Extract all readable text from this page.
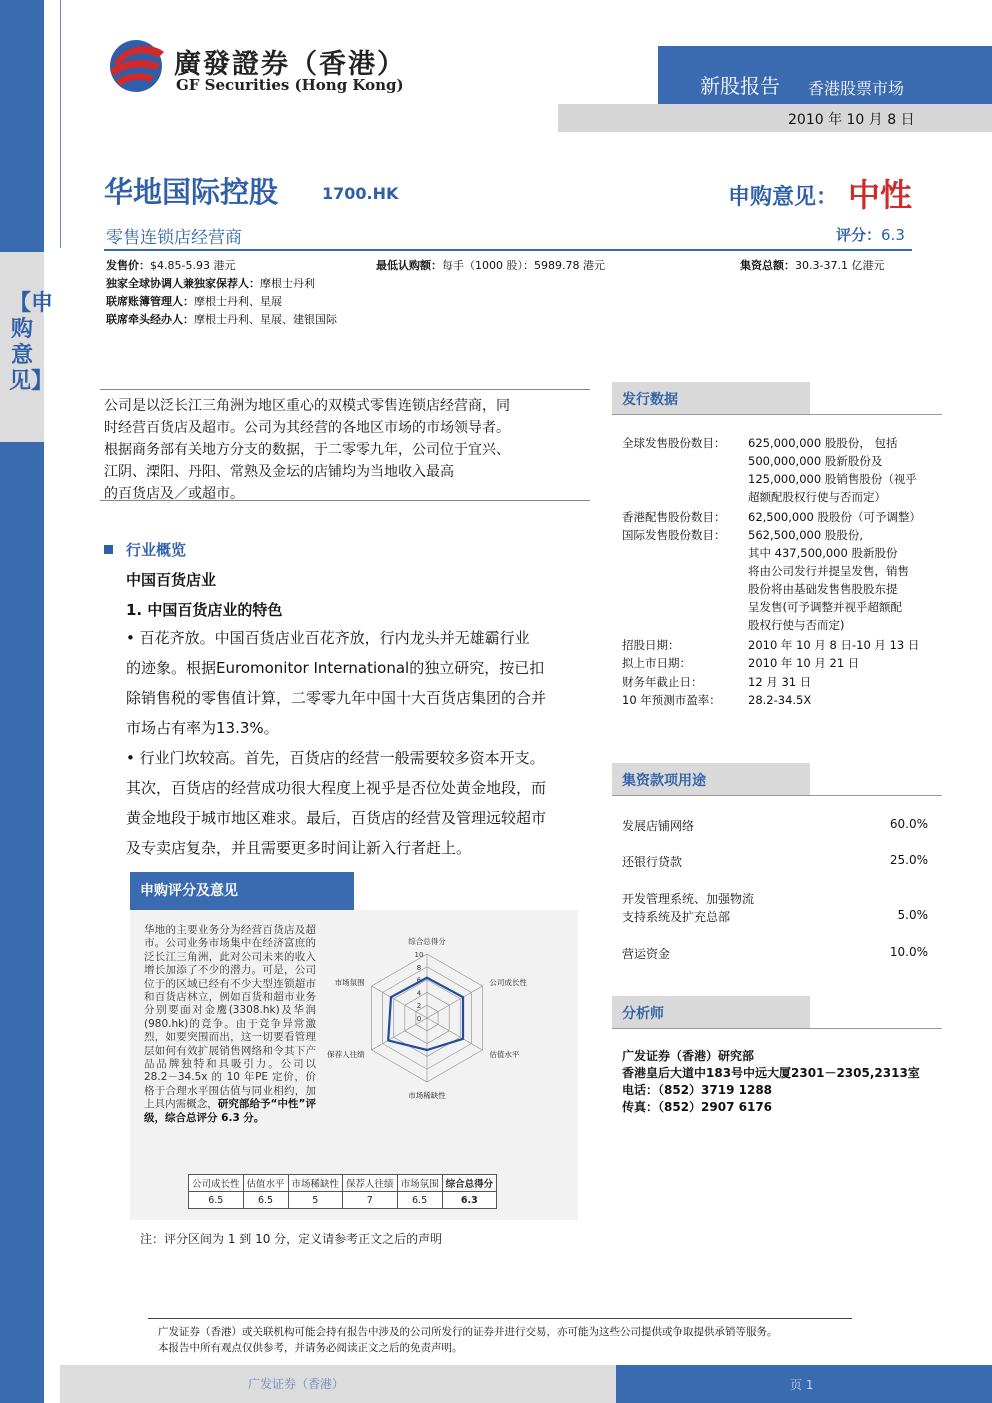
【申购意见】
廣發證券（香港）
GF Securities (Hong Kong)	新股报告 香港股票市场
2010 年 10 月 8 日
华地国际控股	1700.HK	申购意见： 中性
零售连锁店经营商	评分：6.3
发售价：$4.85-5.93 港元	最低认购额：每手（1000 股）：5989.78 港元	集资总额：30.3-37.1 亿港元
独家全球协调人兼独家保荐人：摩根士丹利
联席账簿管理人：摩根士丹利、星展
联席牵头经办人：摩根士丹利、星展、建银国际
公司是以泛长江三角洲为地区重心的双模式零售连锁店经营商，同
时经营百货店及超市。公司为其经营的各地区市场的市场领导者。
根据商务部有关地方分支的数据，于二零零九年，公司位于宜兴、
江阴、溧阳、丹阳、常熟及金坛的店铺均为当地收入最高
的百货店及／或超市。
行业概览
中国百货店业
1. 中国百货店业的特色
• 百花齐放。中国百货店业百花齐放，行内龙头并无雄霸行业
的迹象。根据Euromonitor International的独立研究，按已扣
除销售税的零售值计算，二零零九年中国十大百货店集团的合并
市场占有率为13.3%。
• 行业门坎较高。首先，百货店的经营一般需要较多资本开支。
其次，百货店的经营成功很大程度上视乎是否位处黄金地段，而
黄金地段于城市地区难求。最后，百货店的经营及管理远较超市
及专卖店复杂，并且需要更多时间让新入行者赶上。
发行数据
全球发售股份数目： 625,000,000 股股份， 包括
500,000,000 股新股份及
125,000,000 股销售股份（视乎
超额配股权行使与否而定）
香港配售股份数目： 62,500,000 股股份（可予调整）
国际发售股份数目： 562,500,000 股股份,
其中 437,500,000 股新股份
将由公司发行并提呈发售，销售
股份将由基础发售售股股东提
呈发售(可予调整并视乎超额配
股权行使与否而定)
招股日期：	2010 年 10 月 8 日-10 月 13 日
拟上市日期：	2010 年 10 月 21 日
财务年截止日：	12 月 31 日
10 年预测市盈率： 28.2-34.5X
集资款项用途
发展店铺网络	60.0%
还银行贷款	25.0%
开发管理系统、加强物流
支持系统及扩充总部	5.0%
营运资金	10.0%
分析师
广发证券（香港）研究部
香港皇后大道中183号中远大厦2301－2305,2313室
电话：（852）3719 1288
传真：（852）2907 6176
申购评分及意见
华地的主要业务分为经营百货店及超市。公司业务市场集中在经济富庶的泛长江三角洲，此对公司未来的收入增长加添了不少的潜力。可是，公司位于的区域已经有不少大型连锁超市和百货店林立，例如百货和超市业务分别要面对金鹰(3308.hk)及华润(980.hk)的竞争。由于竞争异常激烈，如要突围而出，这一切要看管理层如何有效扩展销售网络和令其下产品品牌独特和具吸引力。公司以 28.2－34.5x 的 10 年PE 定价，价格于合理水平围估值与同业相约，加上具内需概念，研究部给予“中性”评级，综合总评分 6.3 分。
0
2
4
6
8
10
综合总得分
公司成长性
估值水平
市场稀缺性
保荐人往绩
市场氛围
公司成长性	估值水平	市场稀缺性	保荐人往绩	市场氛围	综合总得分
6.5	6.5	5	7	6.5	6.3
注：评分区间为 1 到 10 分，定义请参考正文之后的声明
广发证券（香港）或关联机构可能会持有报告中涉及的公司所发行的证券并进行交易，亦可能为这些公司提供或争取提供承销等服务。
本报告中所有观点仅供参考，并请务必阅读正文之后的免责声明。
广发证券（香港）	页 1
